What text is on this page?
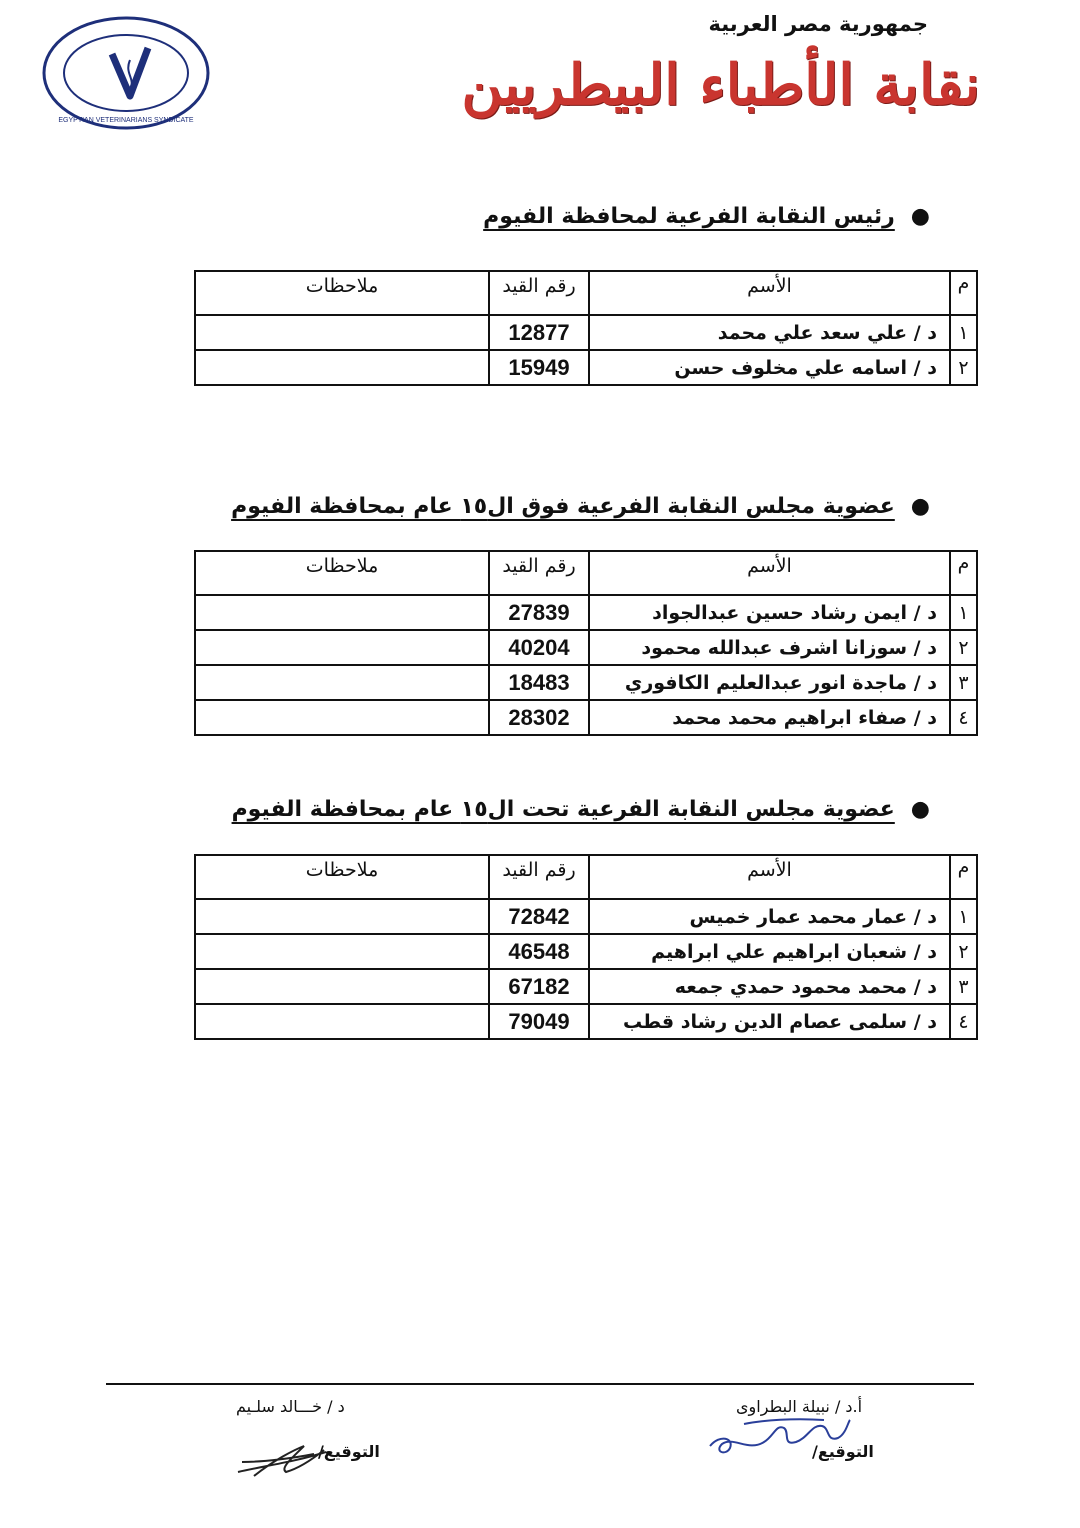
EGYPTIAN VETERINARIANS SYNDICATE
جمهورية مصر العربية
نقابة الأطباء البيطريين
●رئيس النقابة الفرعية لمحافظة الفيوم
م	الأسم	رقم القيد	ملاحظات
١	د / علي سعد علي محمد	12877	
٢	د / اسامه علي مخلوف حسن	15949	
●عضوية مجلس النقابة الفرعية فوق ال١٥ عام بمحافظة الفيوم
م	الأسم	رقم القيد	ملاحظات
١	د / ايمن رشاد حسين عبدالجواد	27839	
٢	د / سوزانا اشرف عبدالله محمود	40204	
٣	د / ماجدة انور عبدالعليم الكافوري	18483	
٤	د / صفاء ابراهيم محمد محمد	28302	
●عضوية مجلس النقابة الفرعية تحت ال١٥ عام بمحافظة الفيوم
م	الأسم	رقم القيد	ملاحظات
١	د / عمار محمد عمار خميس	72842	
٢	د / شعبان ابراهيم علي ابراهيم	46548	
٣	د / محمد محمود حمدي جمعه	67182	
٤	د / سلمى عصام الدين رشاد قطب	79049	
د / خـــالد سلـيم
التوقيع/
أ.د / نبيلة البطراوى
التوقيع/
